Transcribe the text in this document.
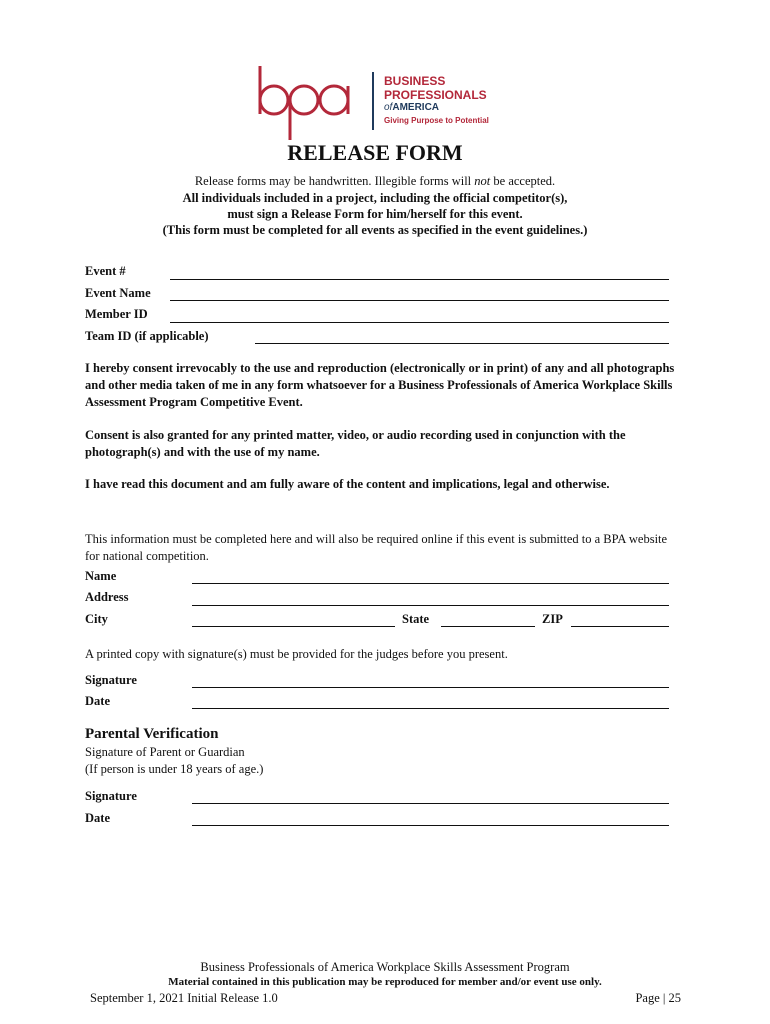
BUSINESS
PROFESSIONALS
ofAMERICA
Giving Purpose to Potential
RELEASE FORM
Release forms may be handwritten. Illegible forms will not be accepted.
All individuals included in a project, including the official competitor(s),
must sign a Release Form for him/herself for this event.
(This form must be completed for all events as specified in the event guidelines.)
Event #
Event Name
Member ID
Team ID (if applicable)
I hereby consent irrevocably to the use and reproduction (electronically or in print) of any and all photographs and other media taken of me in any form whatsoever for a Business Professionals of America Workplace Skills Assessment Program Competitive Event.
Consent is also granted for any printed matter, video, or audio recording used in conjunction with the photograph(s) and with the use of my name.
I have read this document and am fully aware of the content and implications, legal and otherwise.
This information must be completed here and will also be required online if this event is submitted to a BPA website for national competition.
Name
Address
City	State	ZIP
A printed copy with signature(s) must be provided for the judges before you present.
Signature
Date
Parental Verification
Signature of Parent or Guardian
(If person is under 18 years of age.)
Signature
Date
Business Professionals of America Workplace Skills Assessment Program
Material contained in this publication may be reproduced for member and/or event use only.
September 1, 2021 Initial Release 1.0	Page | 25
